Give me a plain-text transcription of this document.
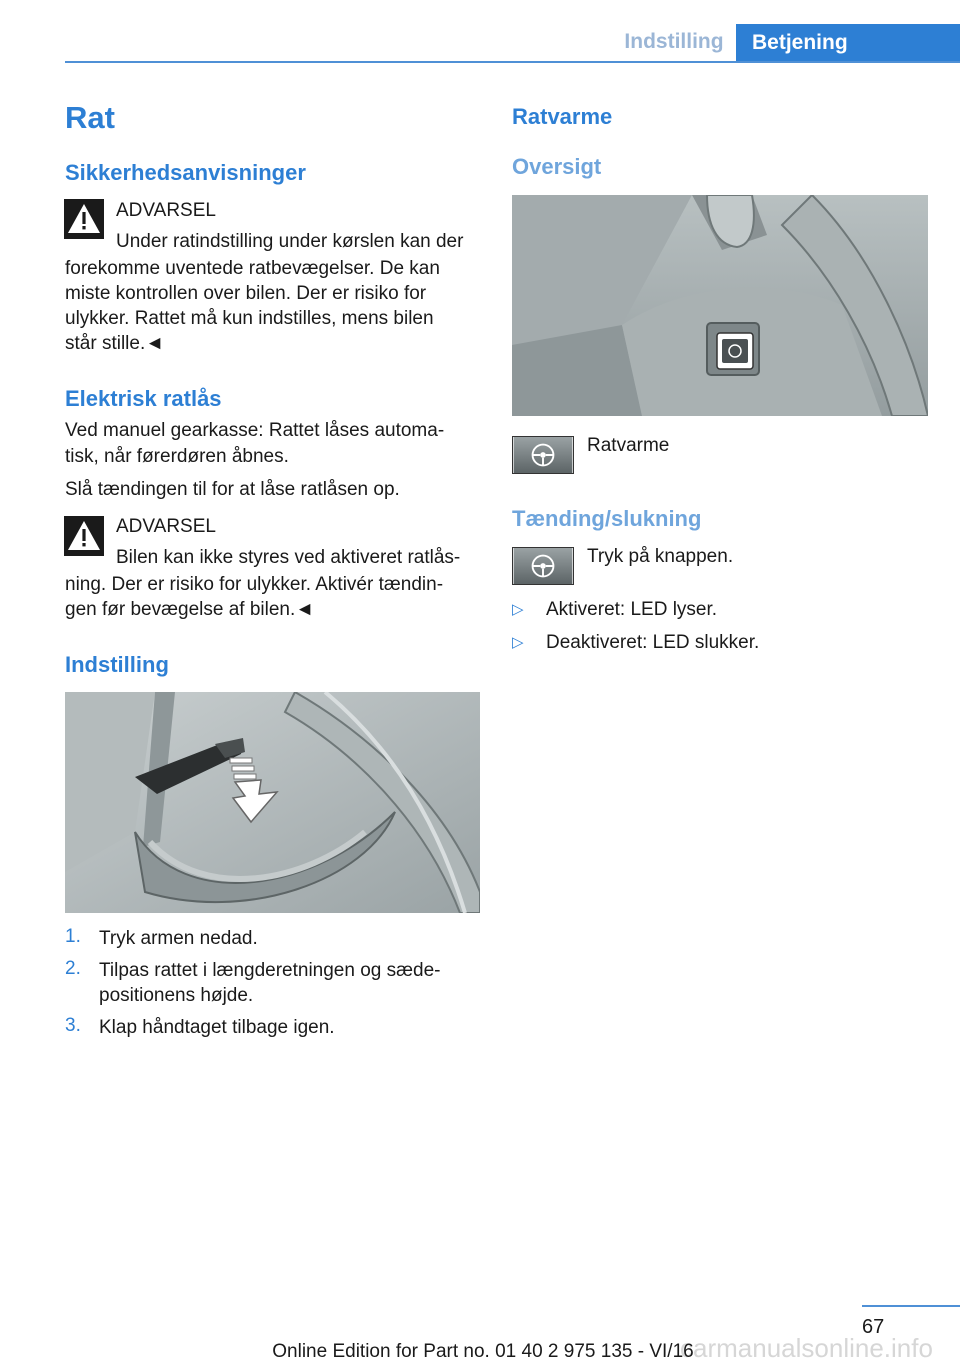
Indstilling	Betjening
Rat
Sikkerhedsanvisninger
ADVARSEL
Under ratindstilling under kørslen kan der
forekomme uventede ratbevægelser. De kan
miste kontrollen over bilen. Der er risiko for
ulykker. Rattet må kun indstilles, mens bilen
står stille.◄
Elektrisk ratlås
Ved manuel gearkasse: Rattet låses automa-
tisk, når førerdøren åbnes.
Slå tændingen til for at låse ratlåsen op.
ADVARSEL
Bilen kan ikke styres ved aktiveret ratlås-
ning. Der er risiko for ulykker. Aktivér tændin-
gen før bevægelse af bilen.◄
Indstilling
1. Tryk armen nedad.
2. Tilpas rattet i længderetningen og sæde-
positionens højde.
3. Klap håndtaget tilbage igen.
Ratvarme
Oversigt
Ratvarme
Tænding/slukning
Tryk på knappen.
▷ Aktiveret: LED lyser.
▷ Deaktiveret: LED slukker.
67
carmanualsonline.info
Online Edition for Part no. 01 40 2 975 135 - VI/16
